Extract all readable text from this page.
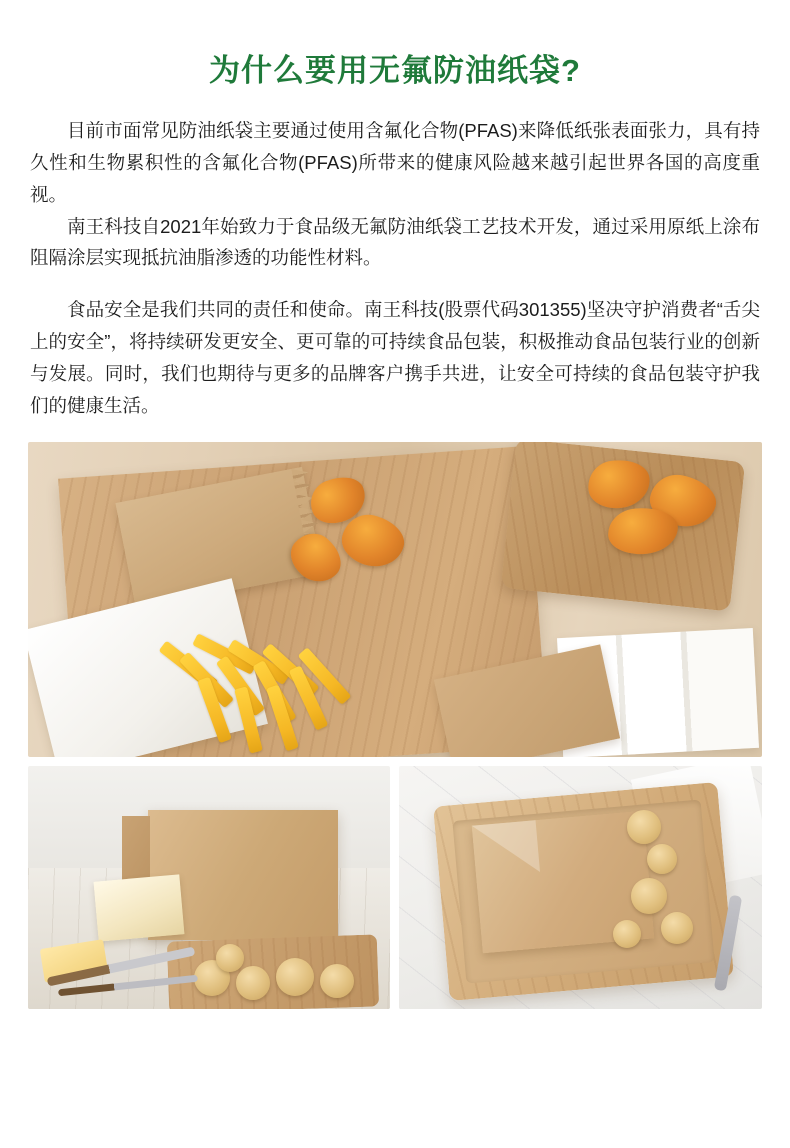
为什么要用无氟防油纸袋?

目前市面常见防油纸袋主要通过使用含氟化合物(PFAS)来降低纸张表面张力，具有持久性和生物累积性的含氟化合物(PFAS)所带来的健康风险越来越引起世界各国的高度重视。

南王科技自2021年始致力于食品级无氟防油纸袋工艺技术开发，通过采用原纸上涂布阻隔涂层实现抵抗油脂渗透的功能性材料。

食品安全是我们共同的责任和使命。南王科技(股票代码301355)坚决守护消费者“舌尖上的安全”，将持续研发更安全、更可靠的可持续食品包装，积极推动食品包装行业的创新与发展。同时，我们也期待与更多的品牌客户携手共进，让安全可持续的食品包装守护我们的健康生活。
